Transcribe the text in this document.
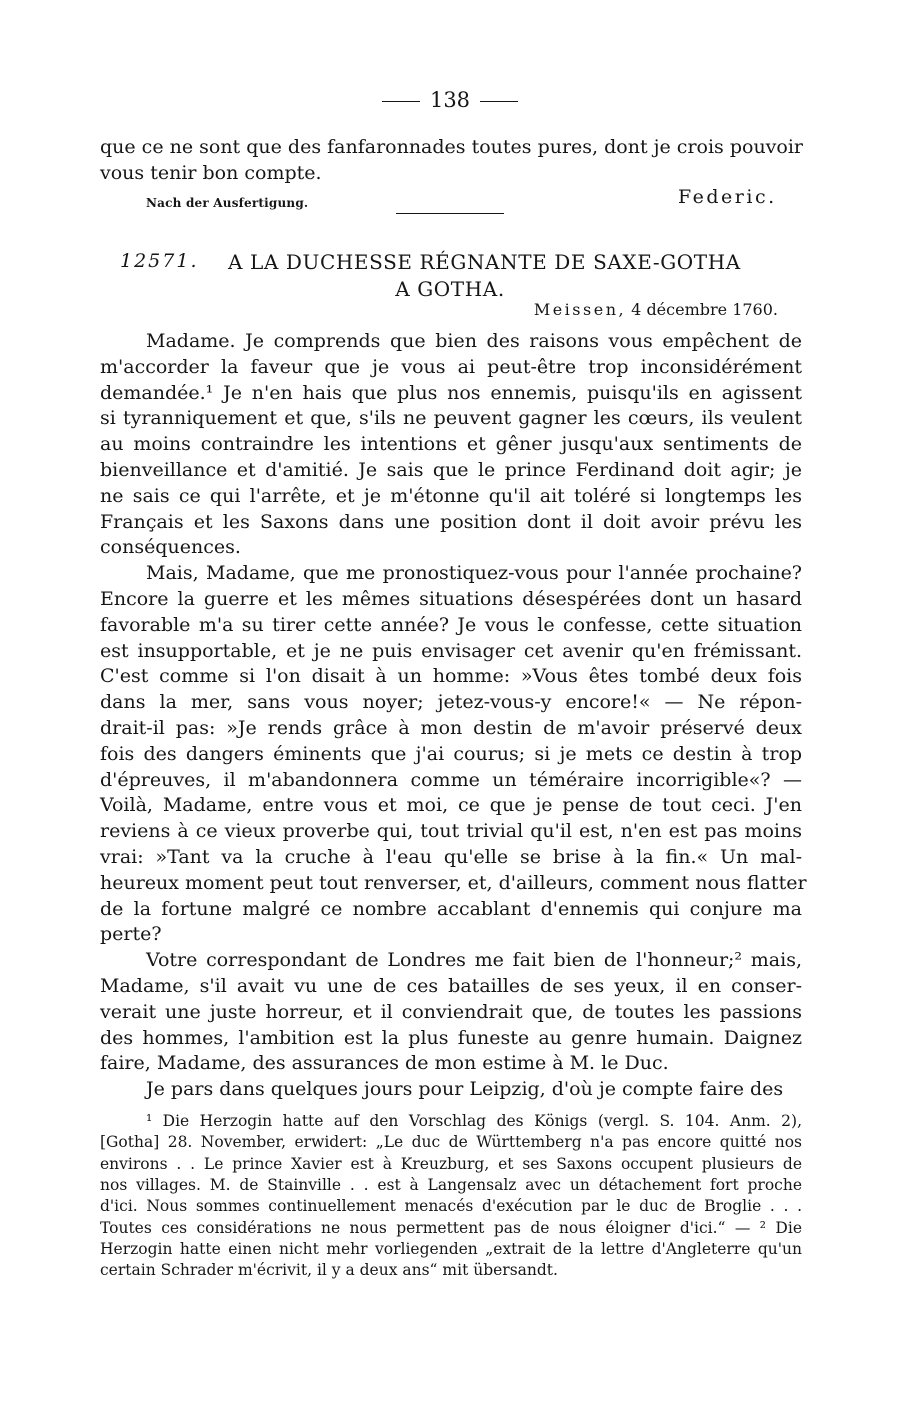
138
que ce ne sont que des fanfaronnades toutes pures, dont je crois pouvoir
vous tenir bon compte.
Nach der Ausfertigung.	Federic.
12571. A LA DUCHESSE RÉGNANTE DE SAXE-GOTHA
A GOTHA.
Meissen, 4 décembre 1760.
Madame. Je comprends que bien des raisons vous empêchent de
m'accorder la faveur que je vous ai peut-être trop inconsidérément
demandée.¹ Je n'en hais que plus nos ennemis, puisqu'ils en agissent
si tyranniquement et que, s'ils ne peuvent gagner les cœurs, ils veulent
au moins contraindre les intentions et gêner jusqu'aux sentiments de
bienveillance et d'amitié. Je sais que le prince Ferdinand doit agir; je
ne sais ce qui l'arrête, et je m'étonne qu'il ait toléré si longtemps les
Français et les Saxons dans une position dont il doit avoir prévu les
conséquences.
Mais, Madame, que me pronostiquez-vous pour l'année prochaine?
Encore la guerre et les mêmes situations désespérées dont un hasard
favorable m'a su tirer cette année? Je vous le confesse, cette situation
est insupportable, et je ne puis envisager cet avenir qu'en frémissant.
C'est comme si l'on disait à un homme: »Vous êtes tombé deux fois
dans la mer, sans vous noyer; jetez-vous-y encore!« — Ne répon-
drait-il pas: »Je rends grâce à mon destin de m'avoir préservé deux
fois des dangers éminents que j'ai courus; si je mets ce destin à trop
d'épreuves, il m'abandonnera comme un téméraire incorrigible«? —
Voilà, Madame, entre vous et moi, ce que je pense de tout ceci. J'en
reviens à ce vieux proverbe qui, tout trivial qu'il est, n'en est pas moins
vrai: »Tant va la cruche à l'eau qu'elle se brise à la fin.« Un mal-
heureux moment peut tout renverser, et, d'ailleurs, comment nous flatter
de la fortune malgré ce nombre accablant d'ennemis qui conjure ma
perte?
Votre correspondant de Londres me fait bien de l'honneur;² mais,
Madame, s'il avait vu une de ces batailles de ses yeux, il en conser-
verait une juste horreur, et il conviendrait que, de toutes les passions
des hommes, l'ambition est la plus funeste au genre humain. Daignez
faire, Madame, des assurances de mon estime à M. le Duc.
Je pars dans quelques jours pour Leipzig, d'où je compte faire des
¹ Die Herzogin hatte auf den Vorschlag des Königs (vergl. S. 104. Anm. 2),
[Gotha] 28. November, erwidert: „Le duc de Württemberg n'a pas encore quitté nos
environs . . Le prince Xavier est à Kreuzburg, et ses Saxons occupent plusieurs de
nos villages. M. de Stainville . . est à Langensalz avec un détachement fort proche
d'ici. Nous sommes continuellement menacés d'exécution par le duc de Broglie . . .
Toutes ces considérations ne nous permettent pas de nous éloigner d'ici.“ — ² Die
Herzogin hatte einen nicht mehr vorliegenden „extrait de la lettre d'Angleterre qu'un
certain Schrader m'écrivit, il y a deux ans“ mit übersandt.
